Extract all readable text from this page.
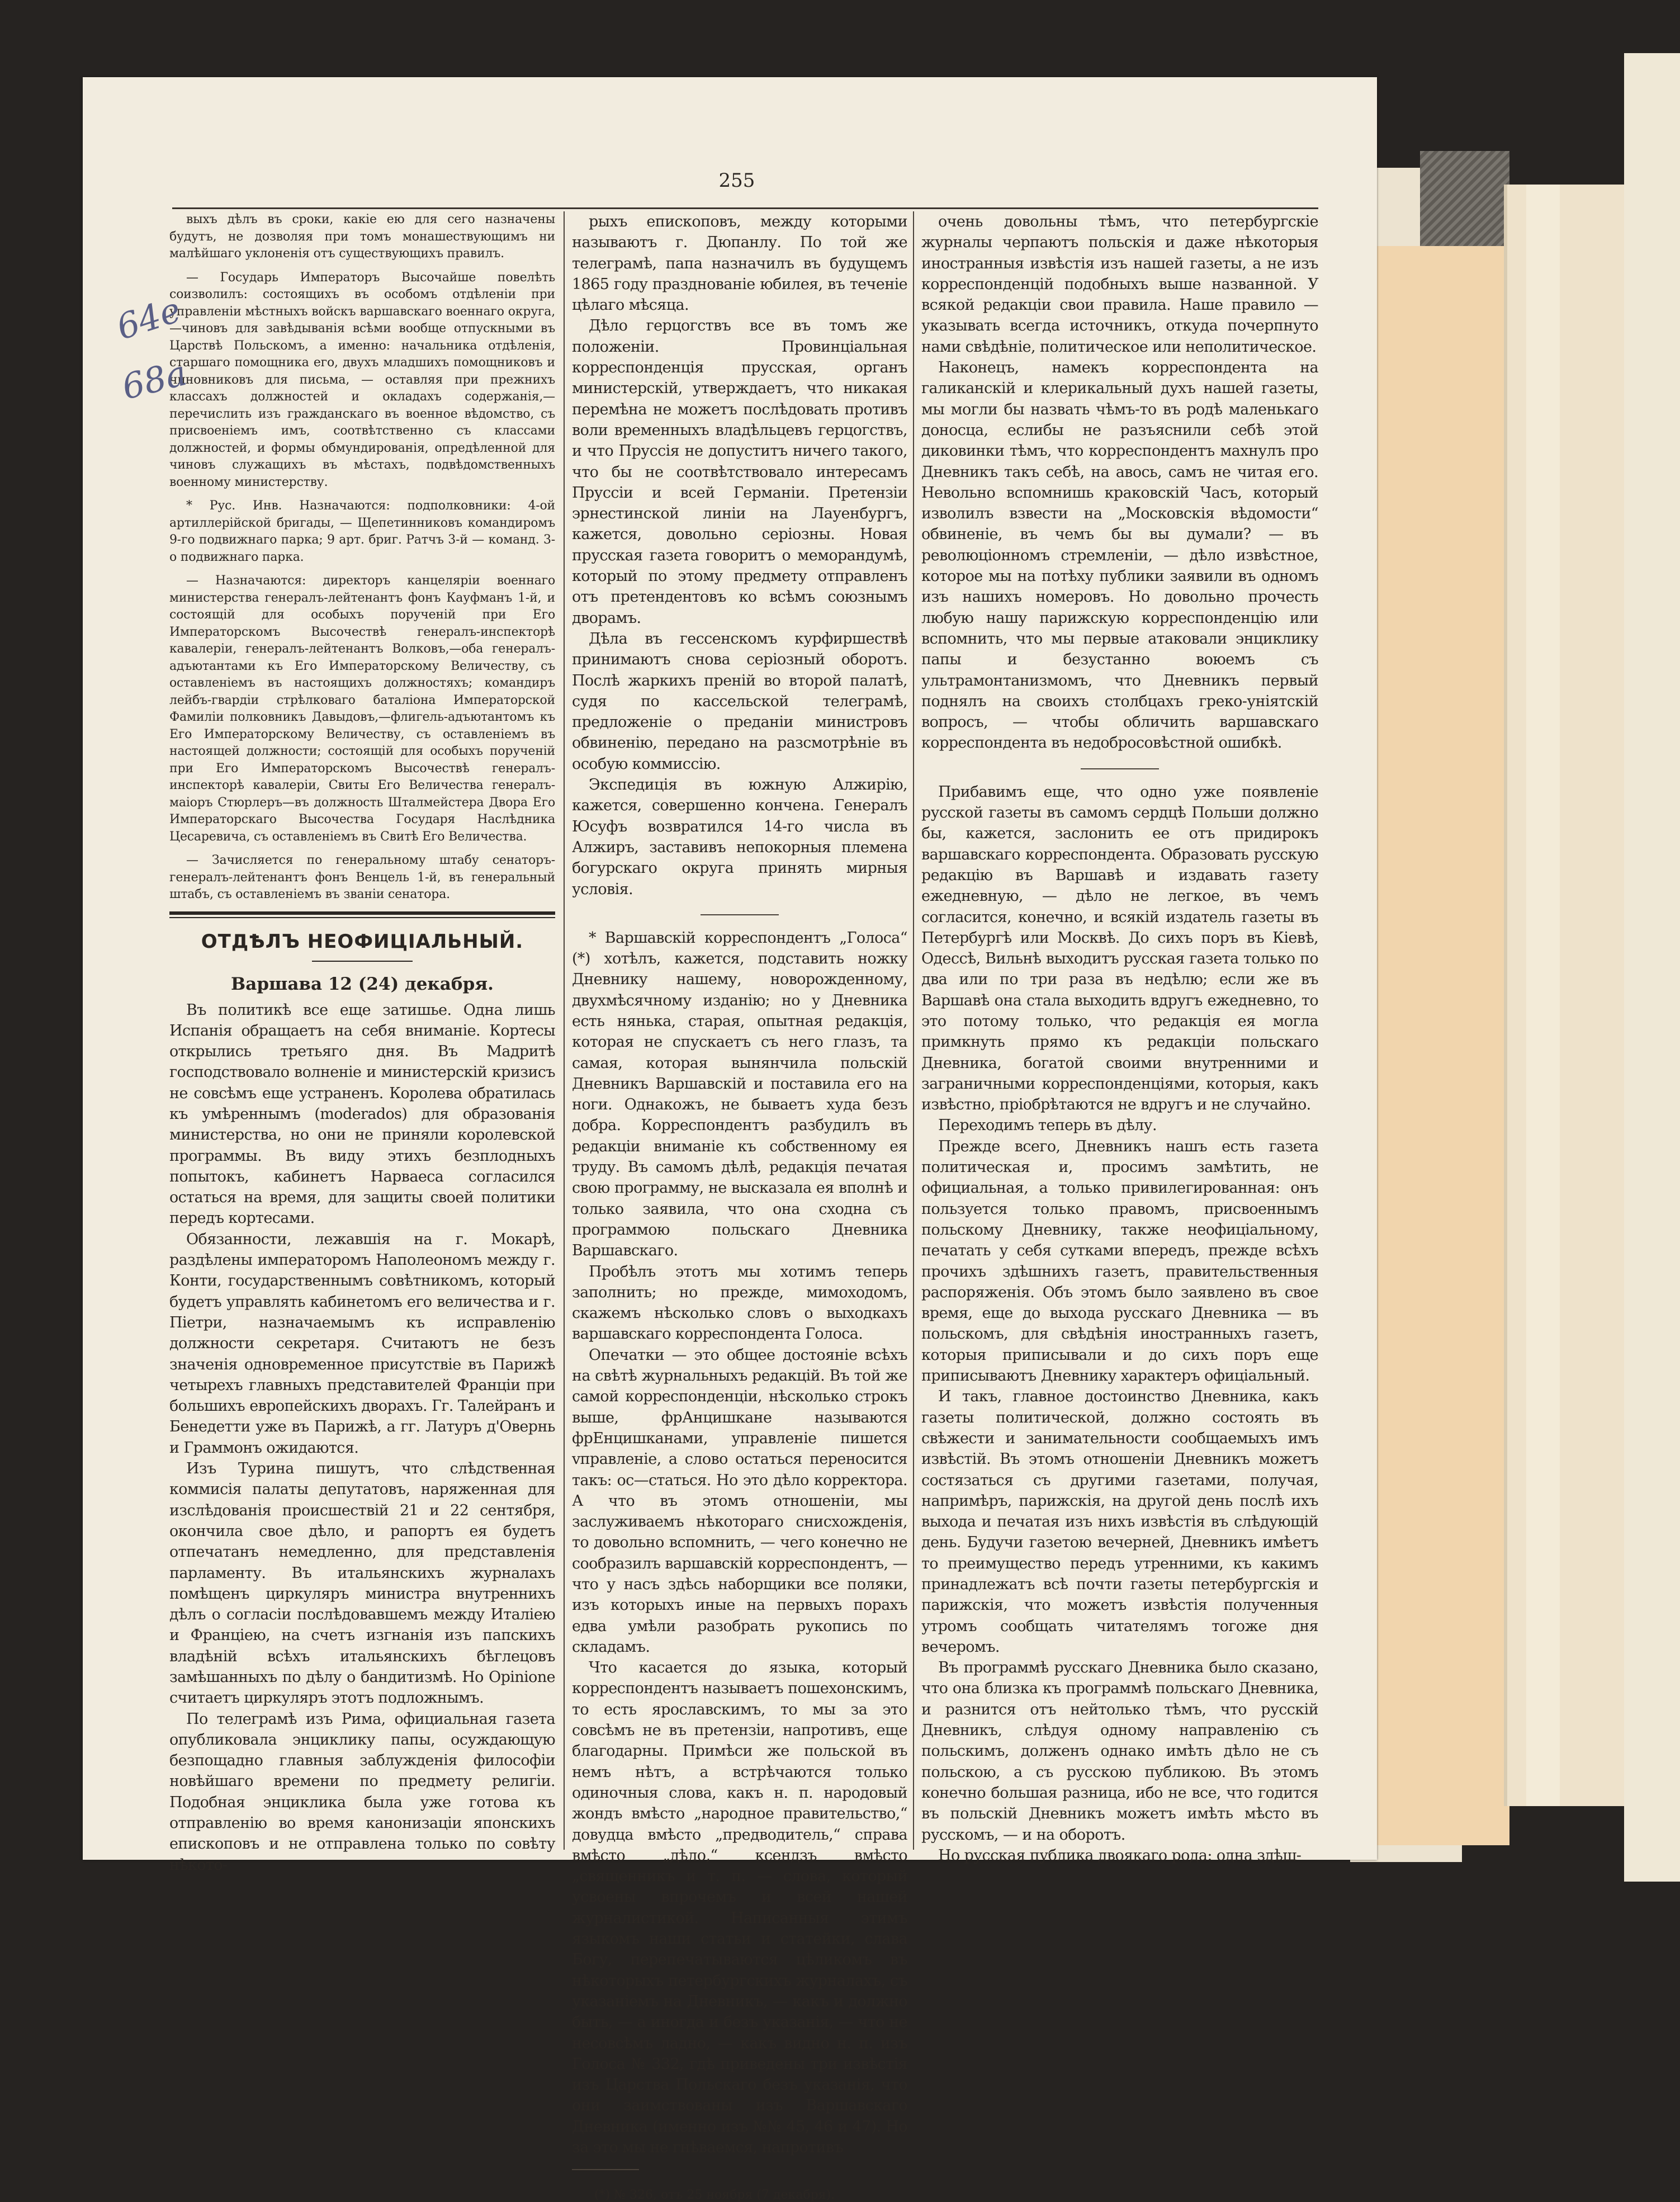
255

выхъ дѣлъ въ сроки, какіе ею для сего назначены будутъ, не дозволяя при томъ монашествующимъ ни малѣйшаго уклоненія отъ существующихъ правилъ.

— Государь Императоръ Высочайше повелѣть соизволилъ: состоящихъ въ особомъ отдѣленіи при управленіи мѣстныхъ войскъ варшавскаго военнаго округа,—чиновъ для завѣдыванія всѣми вообще отпускными въ Царствѣ Польскомъ, а именно: начальника отдѣленія, старшаго помощника его, двухъ младшихъ помощниковъ и чиновниковъ для письма, — оставляя при прежнихъ классахъ должностей и окладахъ содержанія,—перечислить изъ гражданскаго въ военное вѣдомство, съ присвоеніемъ имъ, соотвѣтственно съ классами должностей, и формы обмундированія, опредѣленной для чиновъ служащихъ въ мѣстахъ, подвѣдомственныхъ военному министерству.

* Рус. Инв. Назначаются: подполковники: 4-ой артиллерійской бригады, — Щепетинниковъ командиромъ 9-го подвижнаго парка; 9 арт. бриг. Ратчъ 3-й — команд. 3-о подвижнаго парка.

— Назначаются: директоръ канцеляріи военнаго министерства генералъ-лейтенантъ фонъ Кауфманъ 1-й, и состоящій для особыхъ порученій при Его Императорскомъ Высочествѣ генералъ-инспекторѣ кавалеріи, генералъ-лейтенантъ Волковъ,—оба генералъ-адъютантами къ Его Императорскому Величеству, съ оставленіемъ въ настоящихъ должностяхъ; командиръ лейбъ-гвардіи стрѣлковаго баталіона Императорской Фамиліи полковникъ Давыдовъ,—флигель-адъютантомъ къ Его Императорскому Величеству, съ оставленіемъ въ настоящей должности; состоящій для особыхъ порученій при Его Императорскомъ Высочествѣ генералъ-инспекторѣ кавалеріи, Свиты Его Величества генералъ-маіоръ Стюрлеръ—въ должность Шталмейстера Двора Его Императорскаго Высочества Государя Наслѣдника Цесаревича, съ оставленіемъ въ Свитѣ Его Величества.

— Зачисляется по генеральному штабу сенаторъ-генералъ-лейтенантъ фонъ Венцель 1-й, въ генеральный штабъ, съ оставленіемъ въ званіи сенатора.

ОТДѢЛЪ НЕОФИЦІАЛЬНЫЙ.
Варшава 12 (24) декабря.

Въ политикѣ все еще затишье. Одна лишь Испанія обращаетъ на себя вниманіе. Кортесы открылись третьяго дня. Въ Мадритѣ господствовало волненіе и министерскій кризисъ не совсѣмъ еще устраненъ. Королева обратилась къ умѣреннымъ (moderados) для образованія министерства, но они не приняли королевской программы. Въ виду этихъ безплодныхъ попытокъ, кабинетъ Нарваеса согласился остаться на время, для защиты своей политики передъ кортесами.

Обязанности, лежавшія на г. Мокарѣ, раздѣлены императоромъ Наполеономъ между г. Конти, государственнымъ совѣтникомъ, который будетъ управлять кабинетомъ его величества и г. Піетри, назначаемымъ къ исправленію должности секретаря. Считаютъ не безъ значенія одновременное присутствіе въ Парижѣ четырехъ главныхъ представителей Франціи при большихъ европейскихъ дворахъ. Гг. Талейранъ и Бенедетти уже въ Парижѣ, а гг. Латуръ д'Овернь и Граммонъ ожидаются.

Изъ Турина пишутъ, что слѣдственная коммисія палаты депутатовъ, наряженная для изслѣдованія происшествій 21 и 22 сентября, окончила свое дѣло, и рапортъ ея будетъ отпечатанъ немедленно, для представленія парламенту. Въ итальянскихъ журналахъ помѣщенъ циркуляръ министра внутреннихъ дѣлъ о согласіи послѣдовавшемъ между Италіею и Франціею, на счетъ изгнанія изъ папскихъ владѣній всѣхъ итальянскихъ бѣглецовъ замѣшанныхъ по дѣлу о бандитизмѣ. Но Opinione считаетъ циркуляръ этотъ подложнымъ.

По телеграмѣ изъ Рима, официальная газета опубликовала энциклику папы, осуждающую безпощадно главныя заблужденія философіи новѣйшаго времени по предмету религіи. Подобная энциклика была уже готова къ отправленію во время канонизаціи японскихъ епископовъ и не отправлена только по совѣту нѣкото-

рыхъ епископовъ, между которыми называютъ г. Дюпанлу. По той же телеграмѣ, папа назначилъ въ будущемъ 1865 году празднованіе юбилея, въ теченіе цѣлаго мѣсяца.

Дѣло герцогствъ все въ томъ же положеніи. Провинціальная корреспонденція прусская, органъ министерскій, утверждаетъ, что никакая перемѣна не можетъ послѣдовать противъ воли временныхъ владѣльцевъ герцогствъ, и что Пруссія не допуститъ ничего такого, что бы не соотвѣтствовало интересамъ Пруссіи и всей Германіи. Претензіи эрнестинской линіи на Лауенбургъ, кажется, довольно серіозны. Новая прусская газета говоритъ о меморандумѣ, который по этому предмету отправленъ отъ претендентовъ ко всѣмъ союзнымъ дворамъ.

Дѣла въ гессенскомъ курфиршествѣ принимаютъ снова серіозный оборотъ. Послѣ жаркихъ преній во второй палатѣ, судя по кассельской телеграмѣ, предложеніе о преданіи министровъ обвиненію, передано на разсмотрѣніе въ особую коммиссію.

Экспедиція въ южную Алжирію, кажется, совершенно кончена. Генералъ Юсуфъ возвратился 14-го числа въ Алжиръ, заставивъ непокорныя племена богурскаго округа принять мирныя условія.

* Варшавскій корреспондентъ „Голоса“ (*) хотѣлъ, кажется, подставить ножку Дневнику нашему, новорожденному, двухмѣсячному изданію; но у Дневника есть нянька, старая, опытная редакція, которая не спускаетъ съ него глазъ, та самая, которая вынянчила польскій Дневникъ Варшавскій и поставила его на ноги. Однакожъ, не бываетъ худа безъ добра. Корреспондентъ разбудилъ въ редакціи вниманіе къ собственному ея труду. Въ самомъ дѣлѣ, редакція печатая свою программу, не высказала ея вполнѣ и только заявила, что она сходна съ программою польскаго Дневника Варшавскаго.

Пробѣлъ этотъ мы хотимъ теперь заполнить; но прежде, мимоходомъ, скажемъ нѣсколько словъ о выходкахъ варшавскаго корреспондента Голоса.

Опечатки — это общее достояніе всѣхъ на свѣтѣ журнальныхъ редакцій. Въ той же самой корреспонденціи, нѣсколько строкъ выше, фрАнцишкане называются фрЕнцишканами, управленіе пишется vправленіе, а слово остаться переносится такъ: ос—статься. Но это дѣло корректора. А что въ этомъ отношеніи, мы заслуживаемъ нѣкотораго снисхожденія, то довольно вспомнить, — чего конечно не сообразилъ варшавскій корреспондентъ, — что у насъ здѣсь наборщики все поляки, изъ которыхъ иные на первыхъ порахъ едва умѣли разобрать рукопись по складамъ.

Что касается до языка, который корреспондентъ называетъ пошехонскимъ, то есть ярославскимъ, то мы за это совсѣмъ не въ претензіи, напротивъ, еще благодарны. Примѣси же польской въ немъ нѣтъ, а встрѣчаются только одиночныя слова, какъ н. п. народовый жондъ вмѣсто „народное правительство,“ довудца вмѣсто „предводитель,“ справа вмѣсто „дѣло,“ ксендзъ вмѣсто „священникъ и т. п. — слова, который усвоены впрочемъ и всей нашей журналистикой. Написанныя этимъ языкомъ наши статьи и статейки, слава Богу, перепечатываются цѣликомъ въ нѣкоторыхъ петербургскихъ журналахъ, съ указаніемъ на Дневникъ, — какъ и должно быть, — а иногда и безъ указанія, — что не несовсѣмъ ладно, — какъ видно н. п. изъ Голоса № 332, гдѣ приведены три извѣстія изъ Царства Польскаго безъ указанія, что они заимствованы изъ Варшавскаго Дневника (именно изъ №№ 45, 46 и 47). Но за это мы не гнѣваемся, напротивъ

(*) № 326, отъ 25 ноября (7 декабря).

очень довольны тѣмъ, что петербургскіе журналы черпаютъ польскія и даже нѣкоторыя иностранныя извѣстія изъ нашей газеты, а не изъ корреспонденцій подобныхъ выше названной. У всякой редакціи свои правила. Наше правило — указывать всегда источникъ, откуда почерпнуто нами свѣдѣніе, политическое или неполитическое.

Наконецъ, намекъ корреспондента на галиканскій и клерикальный духъ нашей газеты, мы могли бы назвать чѣмъ-то въ родѣ маленькаго доносца, еслибы не разъяснили себѣ этой диковинки тѣмъ, что корреспондентъ махнулъ про Дневникъ такъ себѣ, на авось, самъ не читая его. Невольно вспомнишь краковскій Часъ, который изволилъ взвести на „Московскія вѣдомости“ обвиненіе, въ чемъ бы вы думали? — въ революціонномъ стремленіи, — дѣло извѣстное, которое мы на потѣху публики заявили въ одномъ изъ нашихъ номеровъ. Но довольно прочесть любую нашу парижскую корреспонденцію или вспомнить, что мы первые атаковали энциклику папы и безустанно воюемъ съ ультрамонтанизмомъ, что Дневникъ первый поднялъ на своихъ столбцахъ греко-уніятскій вопросъ, — чтобы обличить варшавскаго корреспондента въ недобросовѣстной ошибкѣ.

Прибавимъ еще, что одно уже появленіе русской газеты въ самомъ сердцѣ Польши должно бы, кажется, заслонить ее отъ придирокъ варшавскаго корреспондента. Образовать русскую редакцію въ Варшавѣ и издавать газету ежедневную, — дѣло не легкое, въ чемъ согласится, конечно, и всякій издатель газеты въ Петербургѣ или Москвѣ. До сихъ поръ въ Кіевѣ, Одессѣ, Вильнѣ выходитъ русская газета только по два или по три раза въ недѣлю; если же въ Варшавѣ она стала выходить вдругъ ежедневно, то это потому только, что редакція ея могла примкнуть прямо къ редакціи польскаго Дневника, богатой своими внутренними и заграничными корреспонденціями, которыя, какъ извѣстно, пріобрѣтаются не вдругъ и не случайно.

Переходимъ теперь въ дѣлу.

Прежде всего, Дневникъ нашъ есть газета политическая и, просимъ замѣтить, не официальная, а только привилегированная: онъ пользуется только правомъ, присвоеннымъ польскому Дневнику, также неофиціальному, печатать у себя сутками впередъ, прежде всѣхъ прочихъ здѣшнихъ газетъ, правительственныя распоряженія. Объ этомъ было заявлено въ свое время, еще до выхода русскаго Дневника — въ польскомъ, для свѣдѣнія иностранныхъ газетъ, которыя приписывали и до сихъ поръ еще приписываютъ Дневнику характеръ офиціальный.

И такъ, главное достоинство Дневника, какъ газеты политической, должно состоять въ свѣжести и занимательности сообщаемыхъ имъ извѣстій. Въ этомъ отношеніи Дневникъ можетъ состязаться съ другими газетами, получая, напримѣръ, парижскія, на другой день послѣ ихъ выхода и печатая изъ нихъ извѣстія въ слѣдующій день. Будучи газетою вечерней, Дневникъ имѣетъ то преимущество передъ утренними, къ какимъ принадлежатъ всѣ почти газеты петербургскія и парижскія, что можетъ извѣстія полученныя утромъ сообщать читателямъ тогоже дня вечеромъ.

Въ программѣ русскаго Дневника было сказано, что она близка къ программѣ польскаго Дневника, и разнится отъ нейтолько тѣмъ, что русскій Дневникъ, слѣдуя одному направленію съ польскимъ, долженъ однако имѣть дѣло не съ польскою, а съ русскою публикою. Въ этомъ конечно большая разница, ибо не все, что годится въ польскій Дневникъ можетъ имѣть мѣсто въ русскомъ, — и на оборотъ.

Но русская публика двоякаго рода: одна здѣш-

64e
68a
